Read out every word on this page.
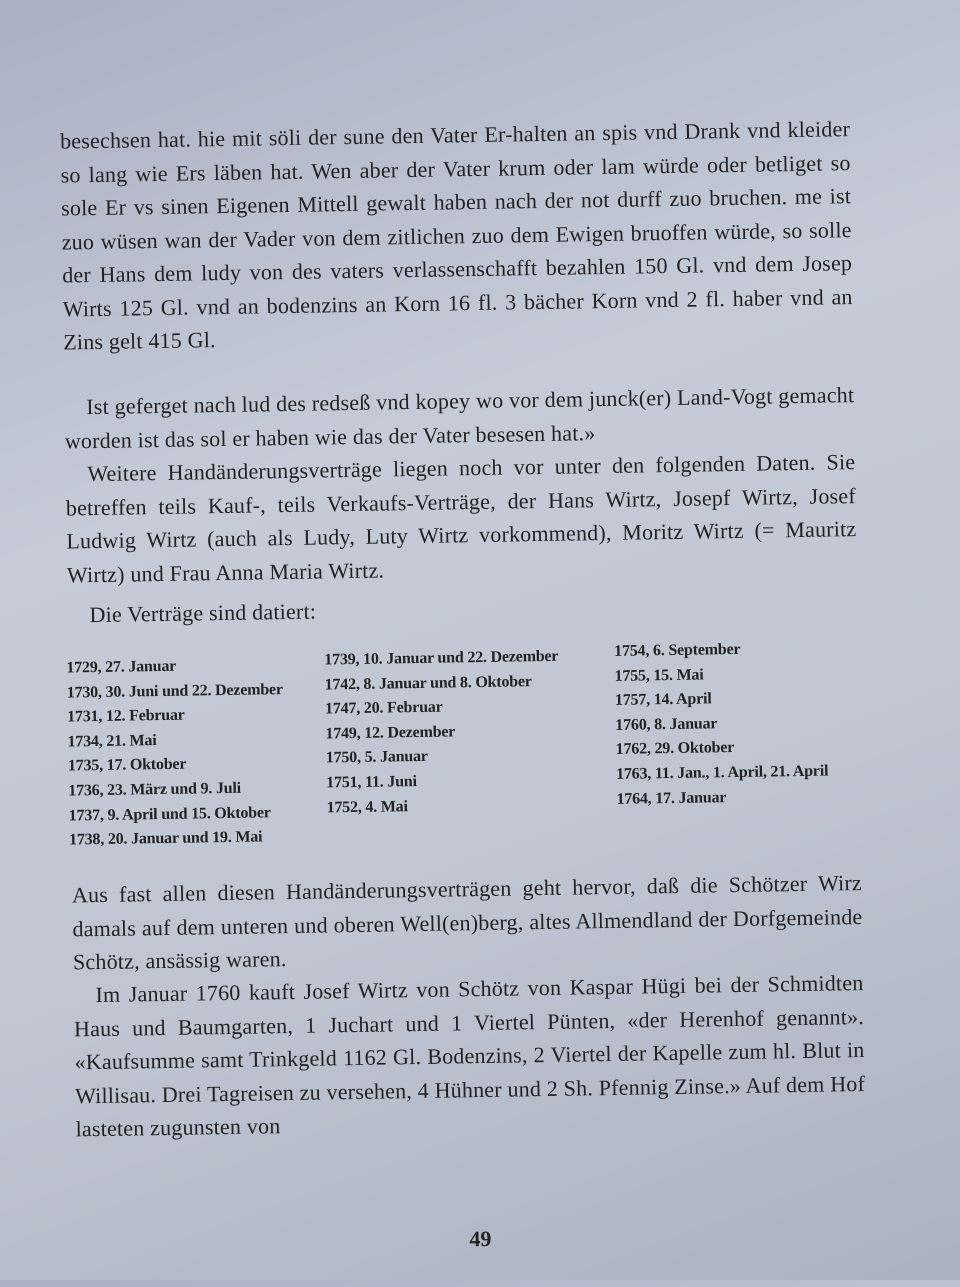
besechsen hat. hie mit söli der sune den Vater Er-halten an spis vnd Drank vnd kleider so lang wie Ers läben hat. Wen aber der Vater krum oder lam würde oder betliget so sole Er vs sinen Eigenen Mittell gewalt haben nach der not durff zuo bruchen. me ist zuo wüsen wan der Vader von dem zitlichen zuo dem Ewigen bruoffen würde, so solle der Hans dem ludy von des vaters verlassenschafft bezahlen 150 Gl. vnd dem Josep Wirts 125 Gl. vnd an bodenzins an Korn 16 fl. 3 bächer Korn vnd 2 fl. haber vnd an Zins gelt 415 Gl.

Ist geferget nach lud des redseß vnd kopey wo vor dem junck(er) Land-Vogt gemacht worden ist das sol er haben wie das der Vater besesen hat.»

Weitere Handänderungsverträge liegen noch vor unter den folgenden Daten. Sie betreffen teils Kauf-, teils Verkaufs-Verträge, der Hans Wirtz, Josepf Wirtz, Josef Ludwig Wirtz (auch als Ludy, Luty Wirtz vorkommend), Moritz Wirtz (= Mauritz Wirtz) und Frau Anna Maria Wirtz.

Die Verträge sind datiert:

1729, 27. Januar
1730, 30. Juni und 22. Dezember
1731, 12. Februar
1734, 21. Mai
1735, 17. Oktober
1736, 23. März und 9. Juli
1737, 9. April und 15. Oktober
1738, 20. Januar und 19. Mai
1739, 10. Januar und 22. Dezember
1742, 8. Januar und 8. Oktober
1747, 20. Februar
1749, 12. Dezember
1750, 5. Januar
1751, 11. Juni
1752, 4. Mai
1754, 6. September
1755, 15. Mai
1757, 14. April
1760, 8. Januar
1762, 29. Oktober
1763, 11. Jan., 1. April, 21. April
1764, 17. Januar

Aus fast allen diesen Handänderungsverträgen geht hervor, daß die Schötzer Wirz damals auf dem unteren und oberen Well(en)berg, altes Allmendland der Dorfgemeinde Schötz, ansässig waren.

Im Januar 1760 kauft Josef Wirtz von Schötz von Kaspar Hügi bei der Schmidten Haus und Baumgarten, 1 Juchart und 1 Viertel Pünten, «der Herenhof genannt». «Kaufsumme samt Trinkgeld 1162 Gl. Bodenzins, 2 Viertel der Kapelle zum hl. Blut in Willisau. Drei Tagreisen zu versehen, 4 Hühner und 2 Sh. Pfennig Zinse.» Auf dem Hof lasteten zugunsten von

49
